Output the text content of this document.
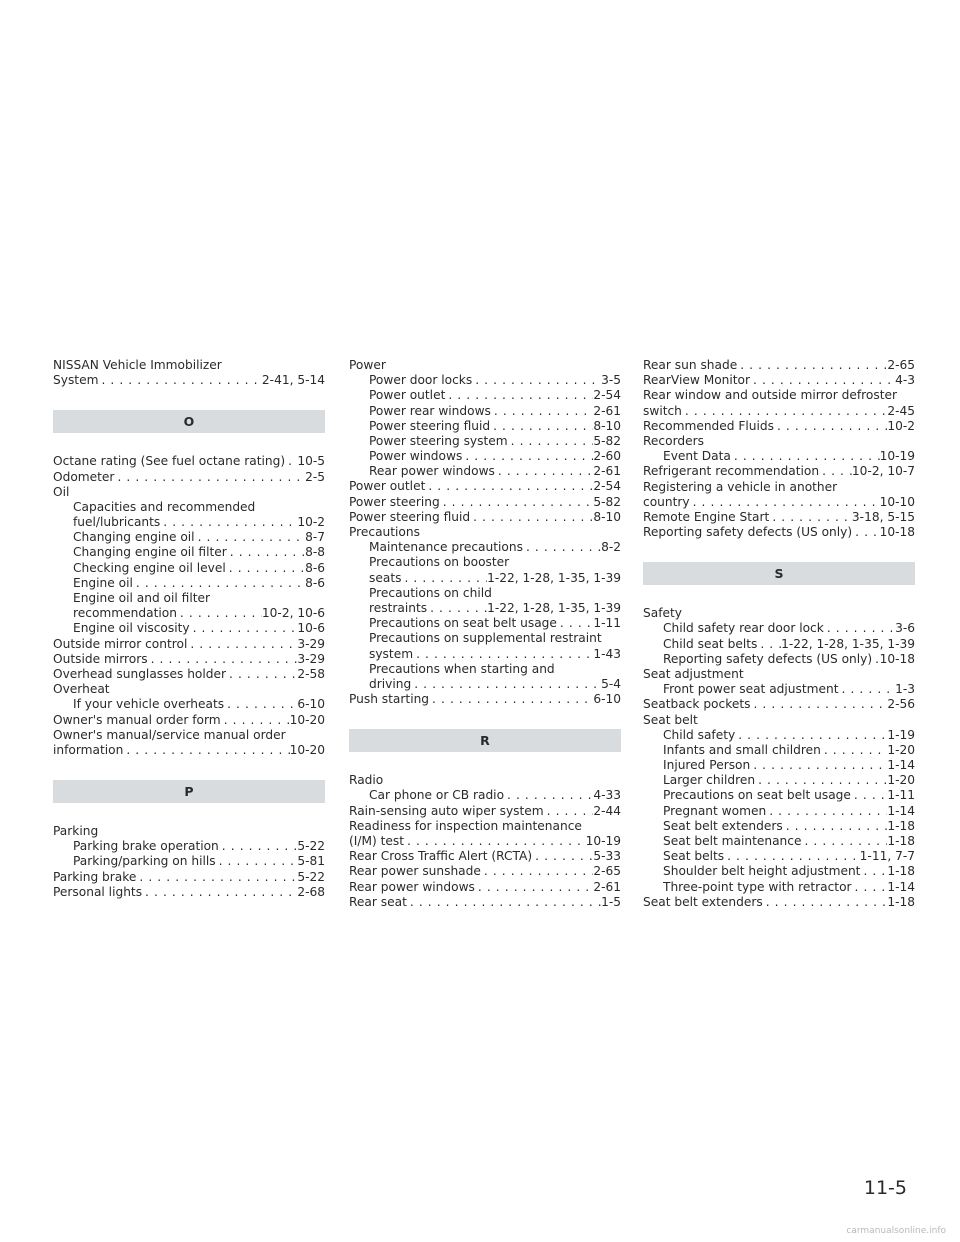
NISSAN Vehicle Immobilizer
System . . .	2-41, 5-14
O
Octane rating (See fuel octane rating) . . . 10-5
Odometer . . .	2-5
Oil
Capacities and recommended
fuel/lubricants . . .	10-2
Changing engine oil . . .	8-7
Changing engine oil filter . . .	8-8
Checking engine oil level . . .	8-6
Engine oil . . .	8-6
Engine oil and oil filter
recommendation . . .	10-2, 10-6
Engine oil viscosity . . .	10-6
Outside mirror control . . .	3-29
Outside mirrors . . .	3-29
Overhead sunglasses holder . . .	2-58
Overheat
If your vehicle overheats . . .	6-10
Owner's manual order form . . .	10-20
Owner's manual/service manual order
information . . .	10-20
P
Parking
Parking brake operation . . .	5-22
Parking/parking on hills . . .	5-81
Parking brake . . .	5-22
Personal lights . . .	2-68
Power
Power door locks . . .	3-5
Power outlet . . .	2-54
Power rear windows . . .	2-61
Power steering fluid . . .	8-10
Power steering system . . .	5-82
Power windows . . .	2-60
Rear power windows . . .	2-61
Power outlet . . .	2-54
Power steering . . .	5-82
Power steering fluid . . .	8-10
Precautions
Maintenance precautions . . .	8-2
Precautions on booster
seats . . .	1-22, 1-28, 1-35, 1-39
Precautions on child
restraints . . .	1-22, 1-28, 1-35, 1-39
Precautions on seat belt usage . . .	1-11
Precautions on supplemental restraint
system . . .	1-43
Precautions when starting and
driving . . .	5-4
Push starting . . .	6-10
R
Radio
Car phone or CB radio . . .	4-33
Rain-sensing auto wiper system . . .	2-44
Readiness for inspection maintenance
(I/M) test . . .	10-19
Rear Cross Traffic Alert (RCTA) . . .	5-33
Rear power sunshade . . .	2-65
Rear power windows . . .	2-61
Rear seat . . .	1-5
Rear sun shade . . .	2-65
RearView Monitor . . .	4-3
Rear window and outside mirror defroster
switch . . .	2-45
Recommended Fluids . . .	10-2
Recorders
Event Data . . .	10-19
Refrigerant recommendation . . .	10-2, 10-7
Registering a vehicle in another
country . . .	10-10
Remote Engine Start . . .	3-18, 5-15
Reporting safety defects (US only) . . . 10-18
S
Safety
Child safety rear door lock . . .	3-6
Child seat belts . . . 1-22, 1-28, 1-35, 1-39
Reporting safety defects (US only) . . . 10-18
Seat adjustment
Front power seat adjustment . . .	1-3
Seatback pockets . . .	2-56
Seat belt
Child safety . . .	1-19
Infants and small children . . .	1-20
Injured Person . . .	1-14
Larger children . . .	1-20
Precautions on seat belt usage . . .	1-11
Pregnant women . . .	1-14
Seat belt extenders . . .	1-18
Seat belt maintenance . . .	1-18
Seat belts . . .	1-11, 7-7
Shoulder belt height adjustment . . . 1-18
Three-point type with retractor . . .	1-14
Seat belt extenders . . .	1-18
11-5
carmanualsonline.info
